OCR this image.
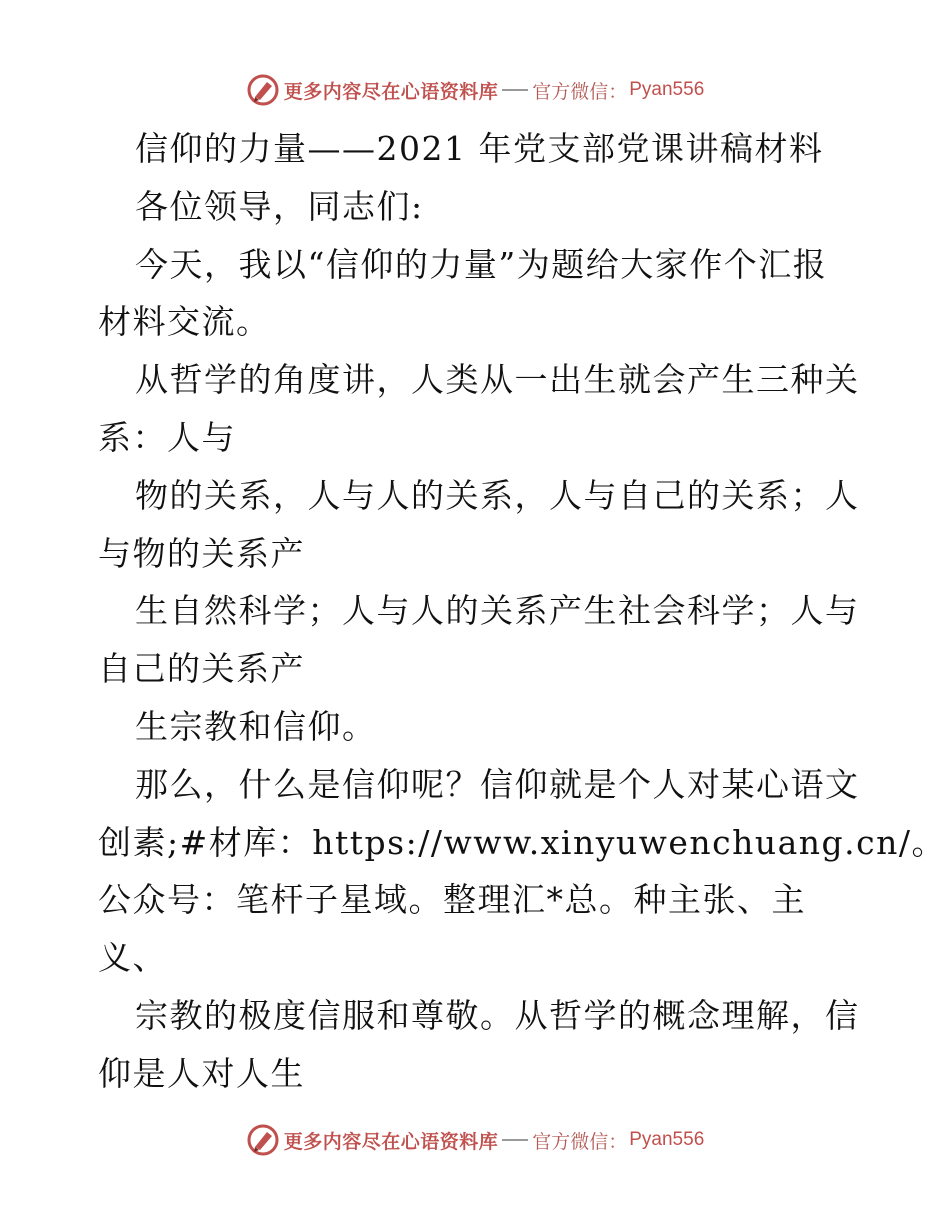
更多内容尽在心语资料库 官方微信： Pyan556
信仰的力量——2021 年党支部党课讲稿材料
各位领导，同志们:
今天，我以“信仰的力量”为题给大家作个汇报
材料交流。
从哲学的角度讲，人类从一出生就会产生三种关
系：人与
物的关系，人与人的关系，人与自己的关系；人
与物的关系产
生自然科学；人与人的关系产生社会科学；人与
自己的关系产
生宗教和信仰。
那么，什么是信仰呢？信仰就是个人对某心语文
创素;#材库：https://www.xinyuwenchuang.cn/。
公众号：笔杆子星域。整理汇*总。种主张、主
义、
宗教的极度信服和尊敬。从哲学的概念理解，信
仰是人对人生
更多内容尽在心语资料库 官方微信： Pyan556
